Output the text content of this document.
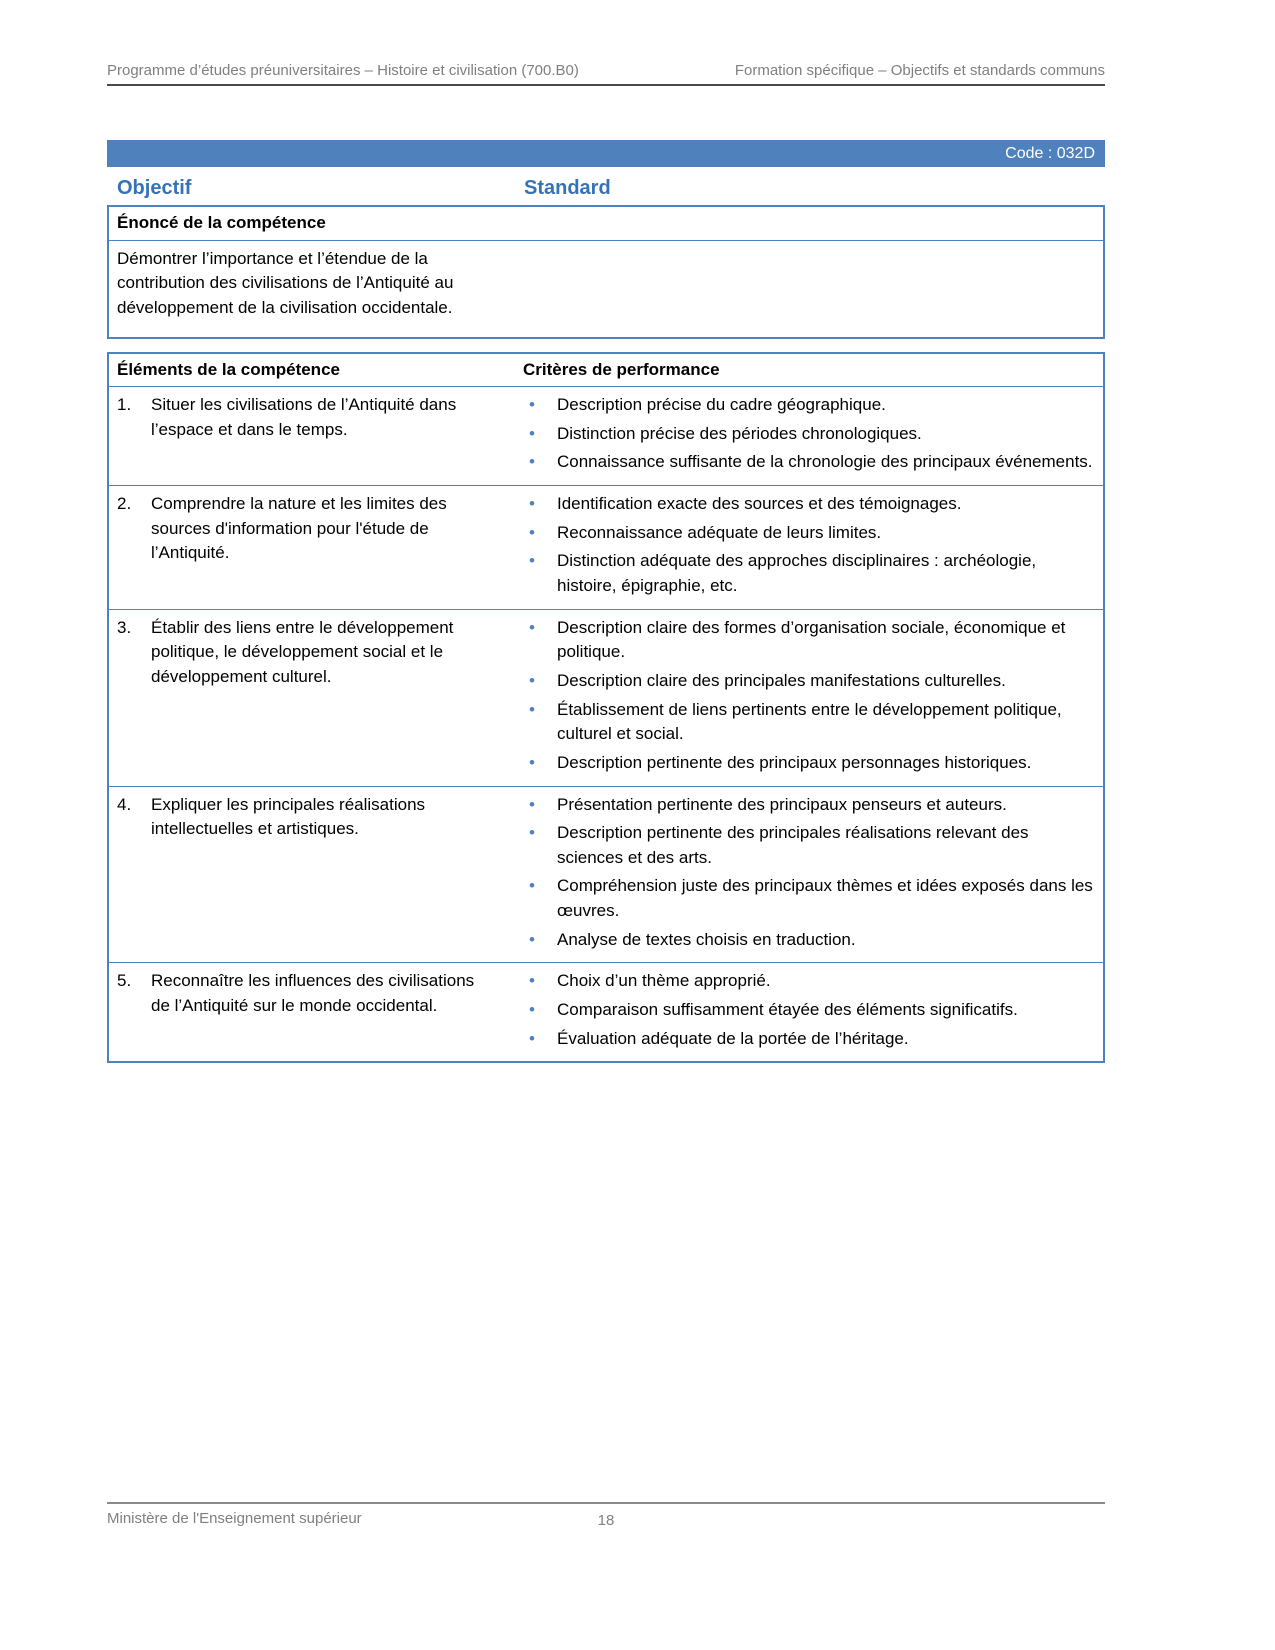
Programme d’études préuniversitaires – Histoire et civilisation (700.B0)	Formation spécifique – Objectifs et standards communs
Code : 032D
Objectif	Standard
Énoncé de la compétence

Démontrer l’importance et l’étendue de la contribution des civilisations de l’Antiquité au développement de la civilisation occidentale.

Éléments de la compétence	Critères de performance

1.	Situer les civilisations de l’Antiquité dans l’espace et dans le temps.

• Description précise du cadre géographique.
• Distinction précise des périodes chronologiques.
• Connaissance suffisante de la chronologie des principaux événements.

2.	Comprendre la nature et les limites des sources d'information pour l'étude de l’Antiquité.

• Identification exacte des sources et des témoignages.
• Reconnaissance adéquate de leurs limites.
• Distinction adéquate des approches disciplinaires : archéologie, histoire, épigraphie, etc.

3.	Établir des liens entre le développement politique, le développement social et le développement culturel.

• Description claire des formes d’organisation sociale, économique et politique.
• Description claire des principales manifestations culturelles.
• Établissement de liens pertinents entre le développement politique, culturel et social.
• Description pertinente des principaux personnages historiques.

4.	Expliquer les principales réalisations intellectuelles et artistiques.

• Présentation pertinente des principaux penseurs et auteurs.
• Description pertinente des principales réalisations relevant des sciences et des arts.
• Compréhension juste des principaux thèmes et idées exposés dans les œuvres.
• Analyse de textes choisis en traduction.

5.	Reconnaître les influences des civilisations de l’Antiquité sur le monde occidental.

• Choix d’un thème approprié.
• Comparaison suffisamment étayée des éléments significatifs.
• Évaluation adéquate de la portée de l’héritage.
Ministère de l'Enseignement supérieur	18
